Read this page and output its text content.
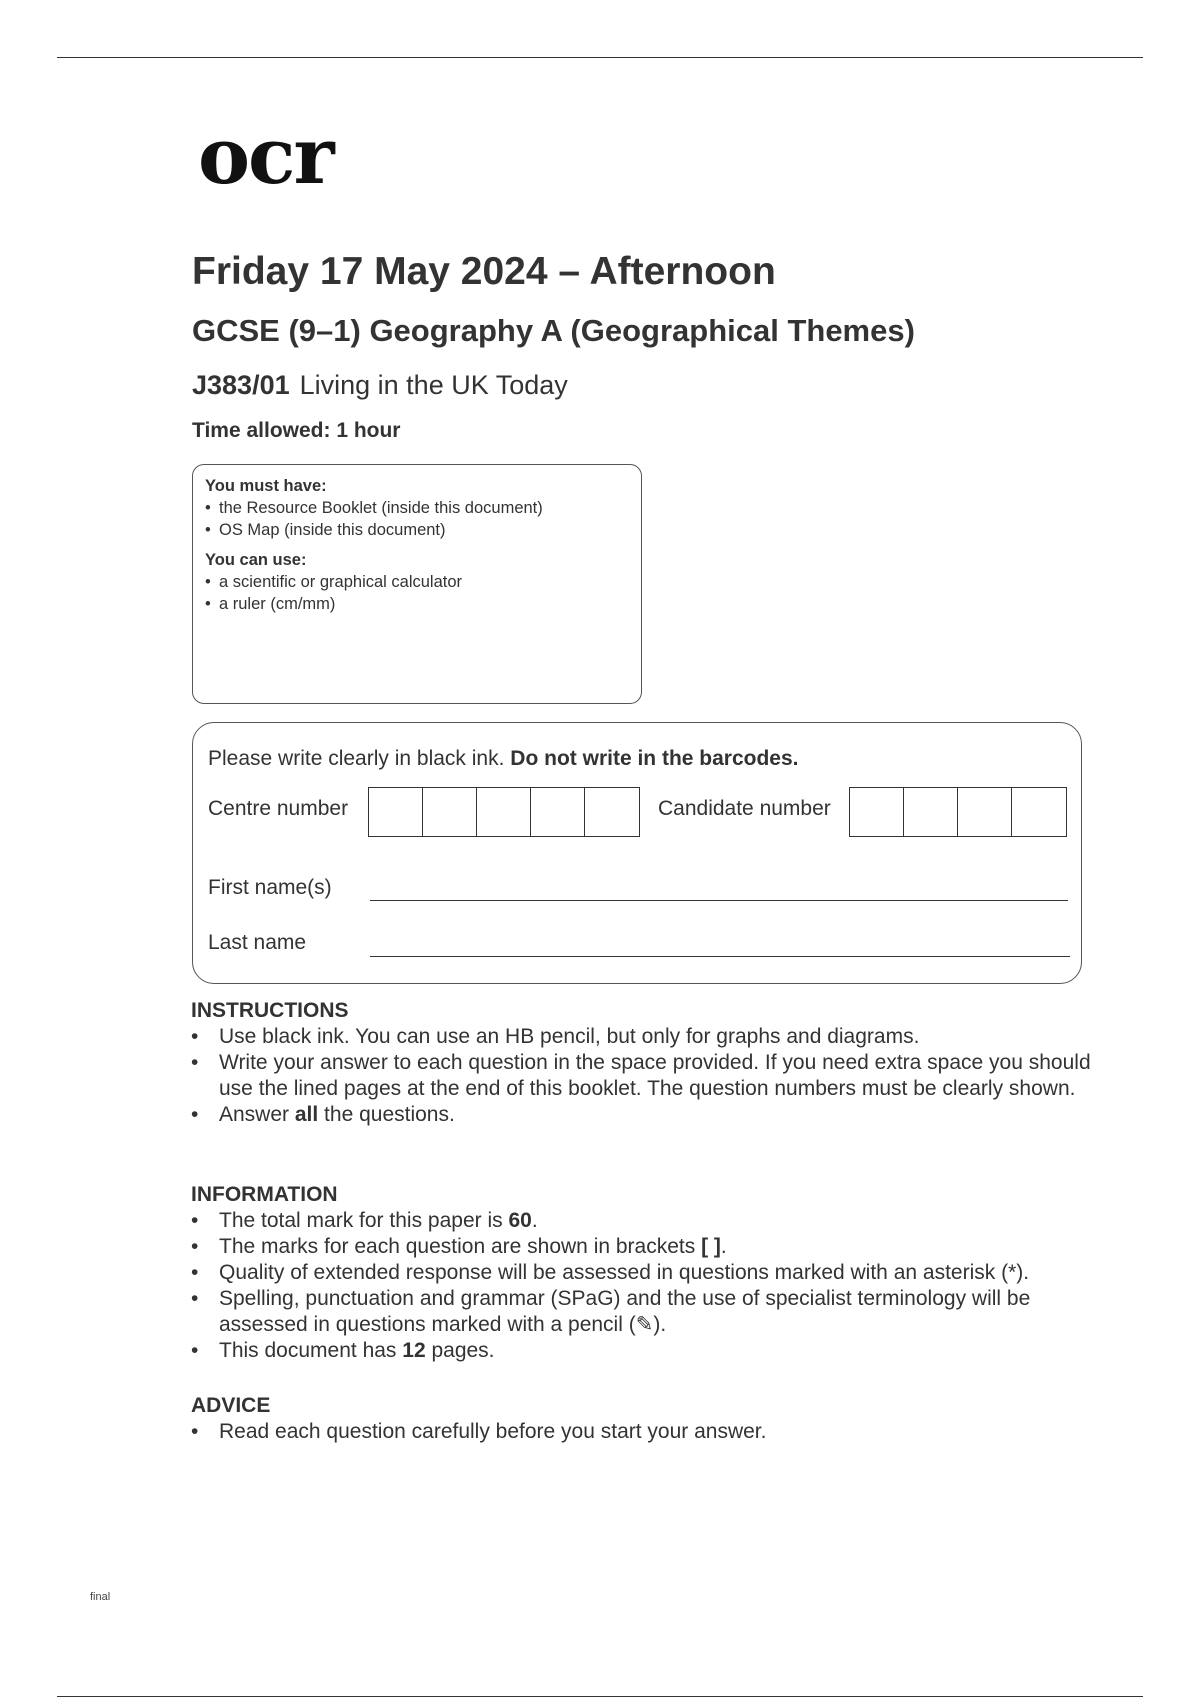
ocr
Friday 17 May 2024 – Afternoon
GCSE (9–1) Geography A (Geographical Themes)
J383/01 Living in the UK Today
Time allowed: 1 hour
You must have:
• the Resource Booklet (inside this document)
• OS Map (inside this document)
You can use:
• a scientific or graphical calculator
• a ruler (cm/mm)
Please write clearly in black ink. Do not write in the barcodes.
Centre number	Candidate number
First name(s)
Last name
INSTRUCTIONS
• Use black ink. You can use an HB pencil, but only for graphs and diagrams.
• Write your answer to each question in the space provided. If you need extra space you should use the lined pages at the end of this booklet. The question numbers must be clearly shown.
• Answer all the questions.
INFORMATION
• The total mark for this paper is 60.
• The marks for each question are shown in brackets [ ].
• Quality of extended response will be assessed in questions marked with an asterisk (*).
• Spelling, punctuation and grammar (SPaG) and the use of specialist terminology will be assessed in questions marked with a pencil (✎).
• This document has 12 pages.
ADVICE
• Read each question carefully before you start your answer.
final
